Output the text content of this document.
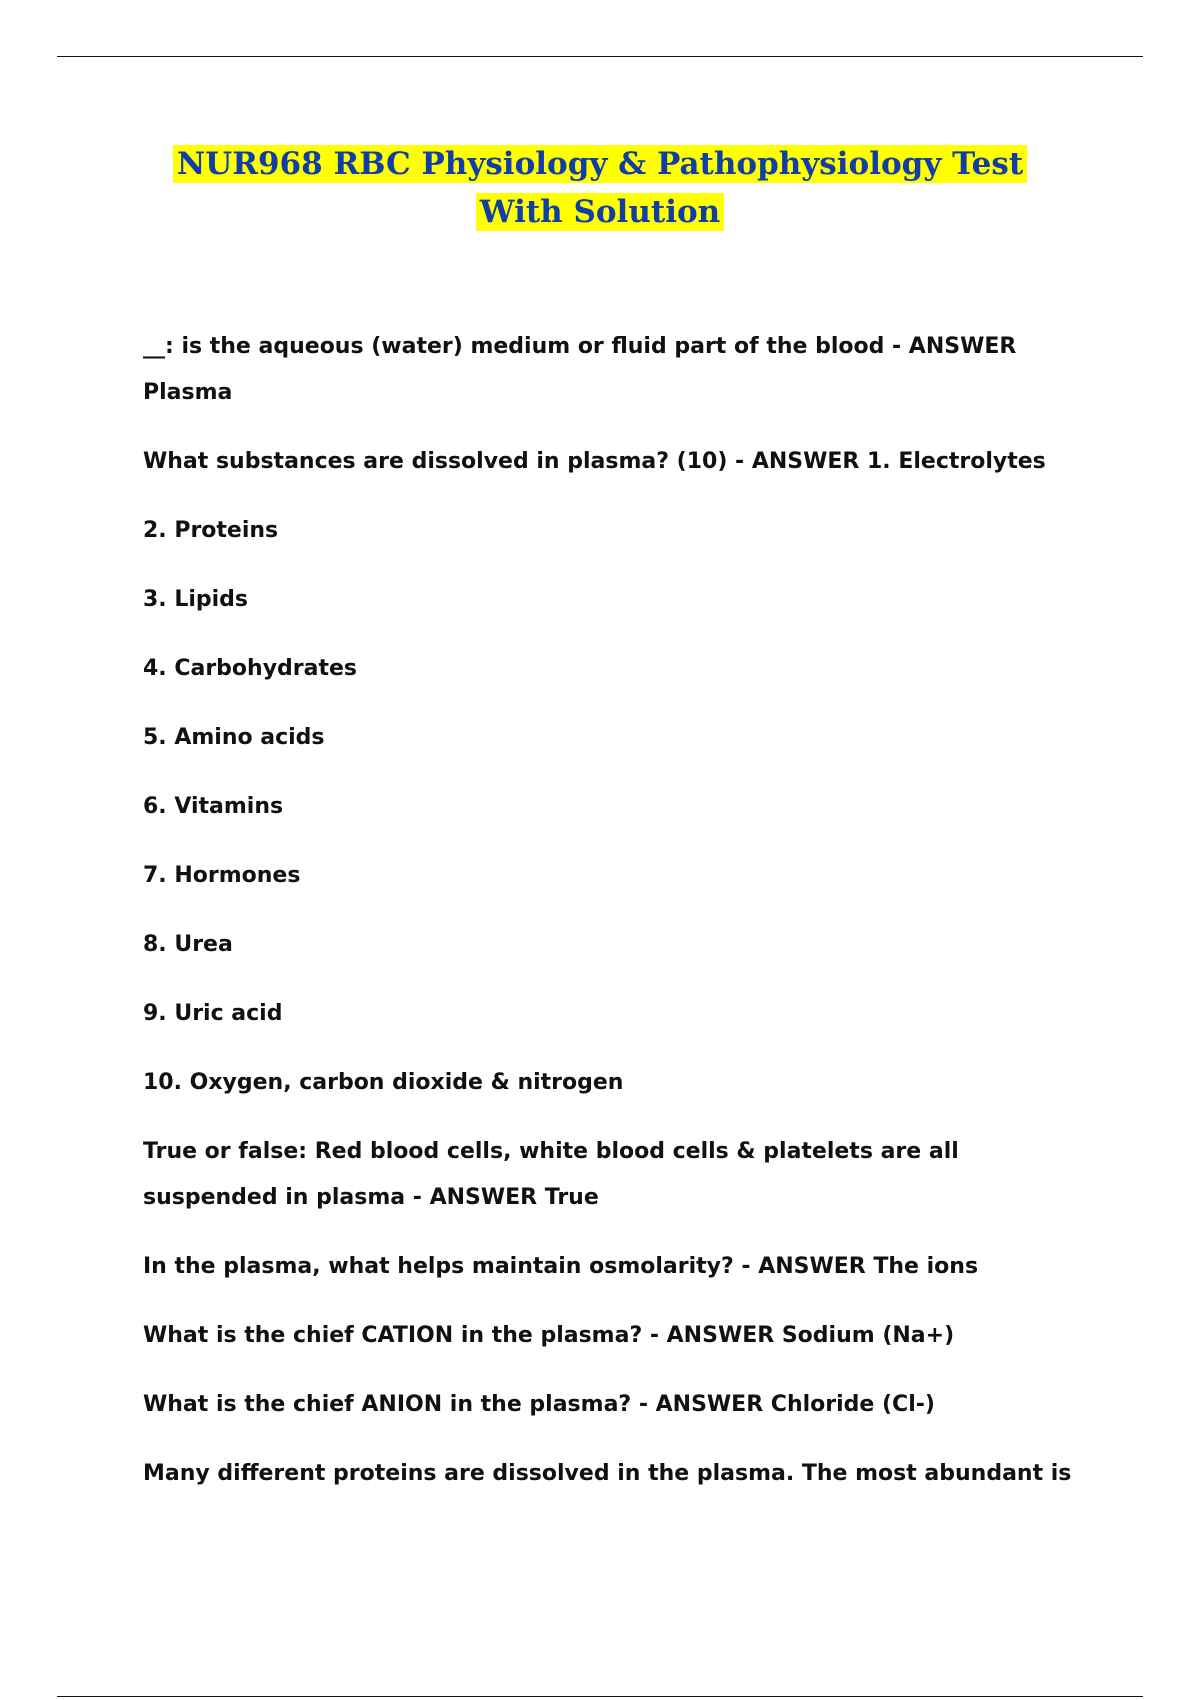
NUR968 RBC Physiology & Pathophysiology Test
With Solution

__: is the aqueous (water) medium or fluid part of the blood - ANSWER Plasma

What substances are dissolved in plasma? (10) - ANSWER 1. Electrolytes

2. Proteins

3. Lipids

4. Carbohydrates

5. Amino acids

6. Vitamins

7. Hormones

8. Urea

9. Uric acid

10. Oxygen, carbon dioxide & nitrogen

True or false: Red blood cells, white blood cells & platelets are all suspended in plasma - ANSWER True

In the plasma, what helps maintain osmolarity? - ANSWER The ions

What is the chief CATION in the plasma? - ANSWER Sodium (Na+)

What is the chief ANION in the plasma? - ANSWER Chloride (Cl-)

Many different proteins are dissolved in the plasma. The most abundant is
